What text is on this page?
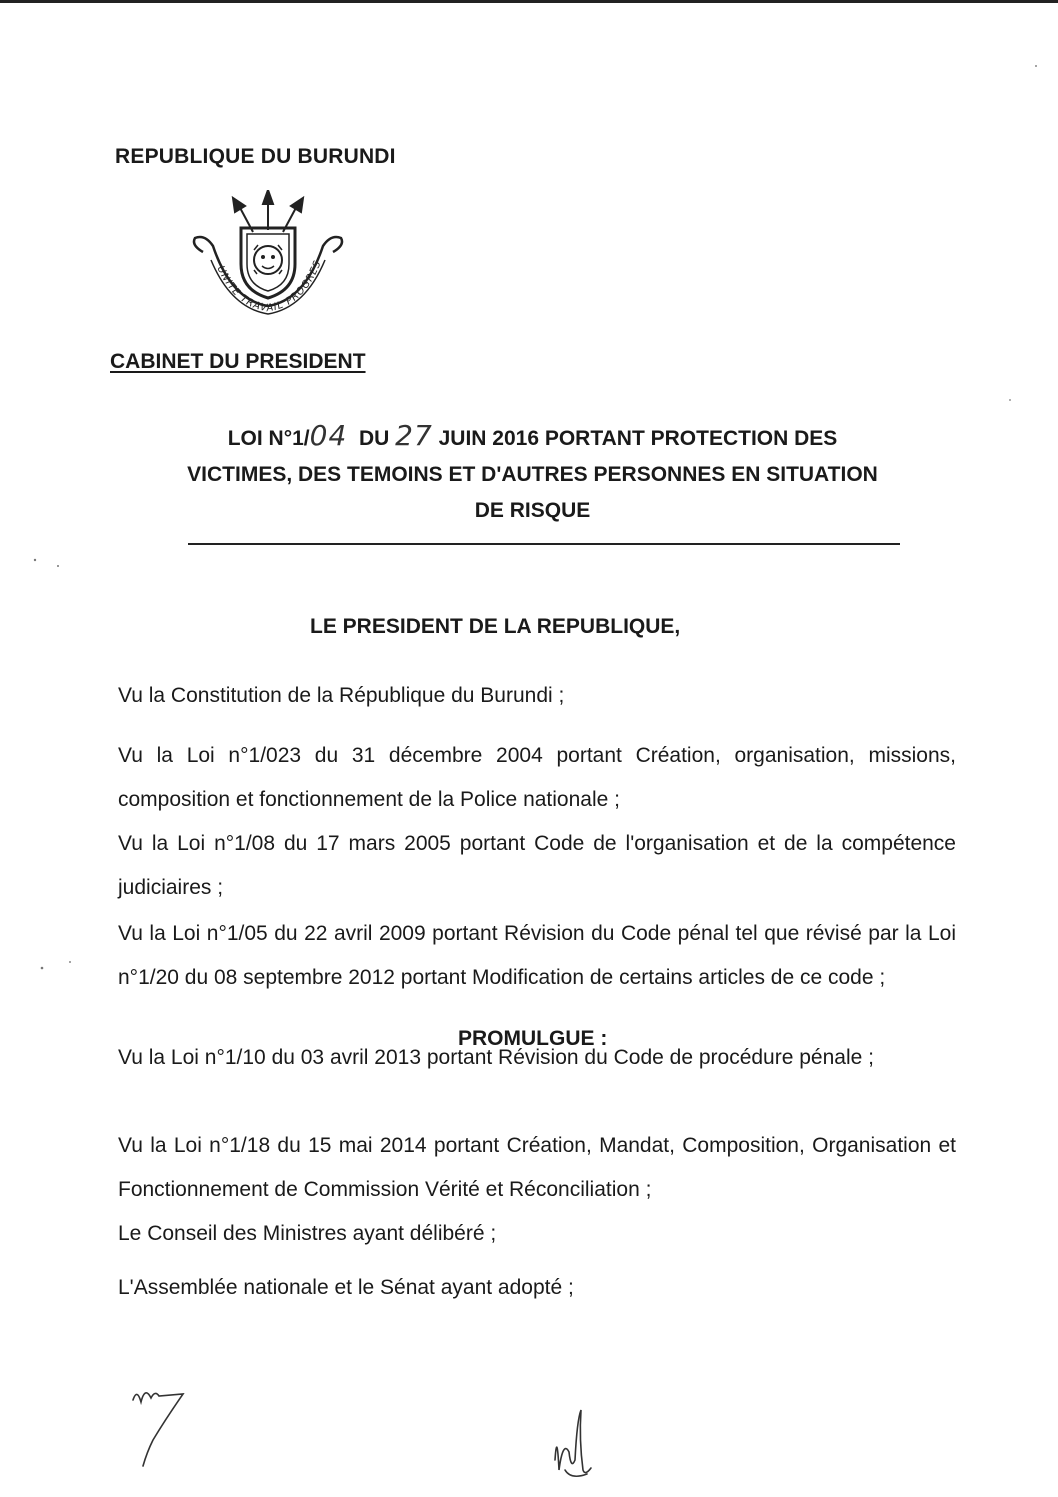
REPUBLIQUE DU BURUNDI
UNITE TRAVAIL PROGRES
CABINET DU PRESIDENT
LOI N°1/04 DU 27 JUIN 2016 PORTANT PROTECTION DES
VICTIMES, DES TEMOINS ET D'AUTRES PERSONNES EN SITUATION
DE RISQUE
LE PRESIDENT DE LA REPUBLIQUE,
Vu la Constitution de la République du Burundi ;
Vu la Loi n°1/023 du 31 décembre 2004 portant Création, organisation, missions, composition et fonctionnement de la Police nationale ;
Vu la Loi n°1/08 du 17 mars 2005 portant Code de l'organisation et de la compétence judiciaires ;
Vu la Loi n°1/05 du 22 avril 2009 portant Révision du Code pénal tel que révisé par la Loi n°1/20 du 08 septembre 2012 portant Modification de certains articles de ce code ;
Vu la Loi n°1/10 du 03 avril 2013 portant Révision du Code de procédure pénale ;
Vu la Loi n°1/18 du 15 mai 2014 portant Création, Mandat, Composition, Organisation et Fonctionnement de Commission Vérité et Réconciliation ;
Le Conseil des Ministres ayant délibéré ;
L'Assemblée nationale et le Sénat ayant adopté ;
PROMULGUE :
